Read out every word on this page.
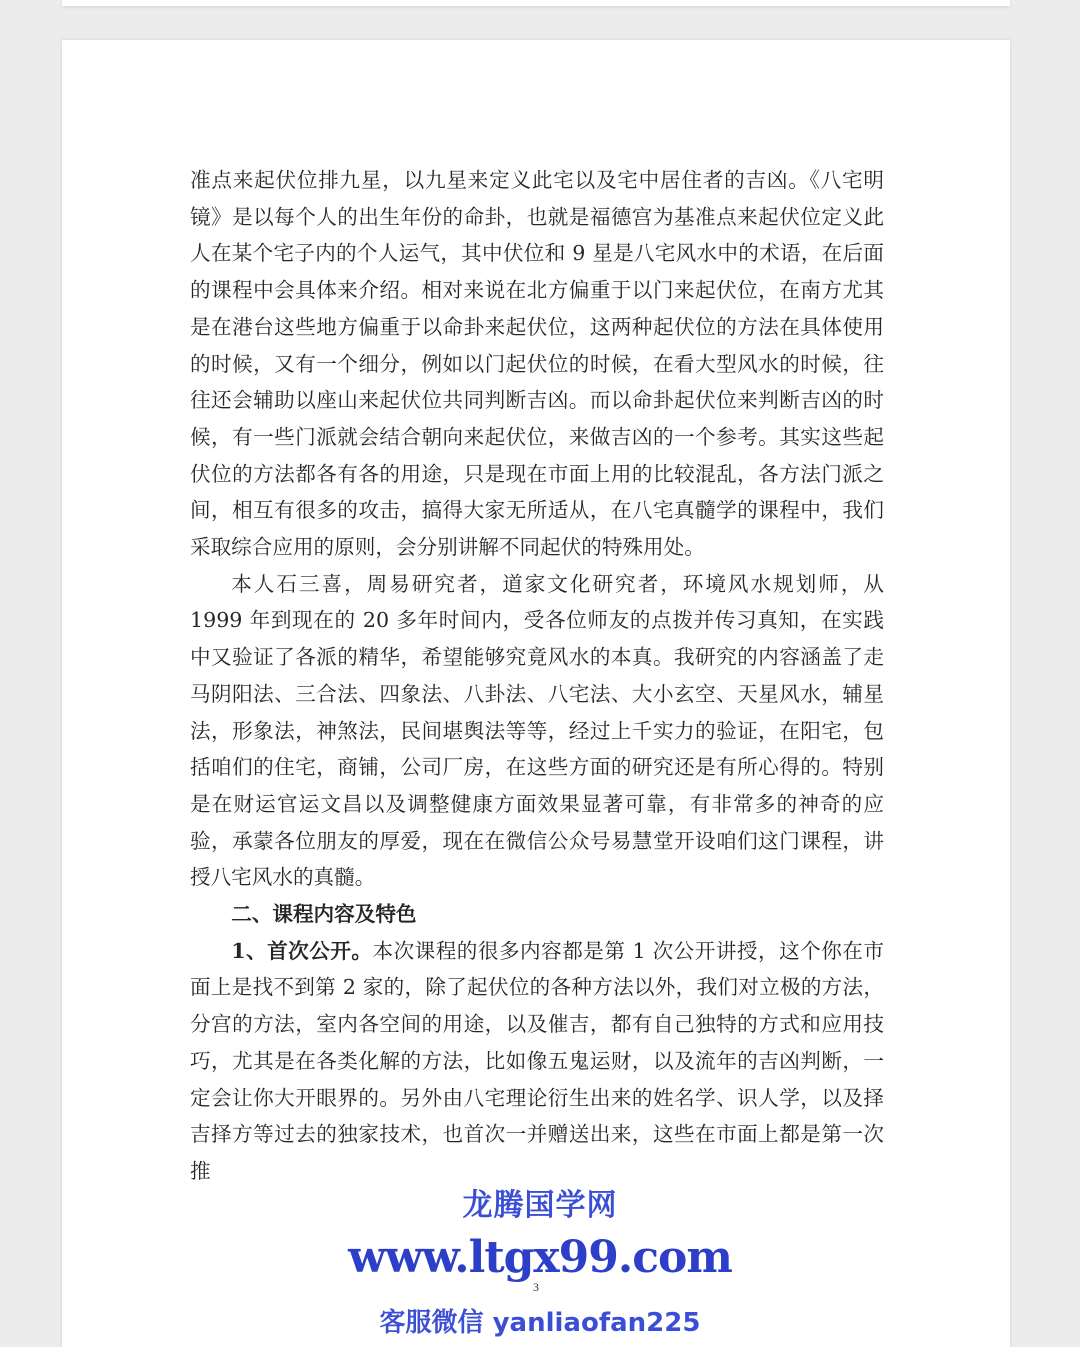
准点来起伏位排九星，以九星来定义此宅以及宅中居住者的吉凶。《八宅明镜》是以每个人的出生年份的命卦，也就是福德宫为基准点来起伏位定义此人在某个宅子内的个人运气，其中伏位和 9 星是八宅风水中的术语，在后面的课程中会具体来介绍。相对来说在北方偏重于以门来起伏位，在南方尤其是在港台这些地方偏重于以命卦来起伏位，这两种起伏位的方法在具体使用的时候，又有一个细分，例如以门起伏位的时候，在看大型风水的时候，往往还会辅助以座山来起伏位共同判断吉凶。而以命卦起伏位来判断吉凶的时候，有一些门派就会结合朝向来起伏位，来做吉凶的一个参考。其实这些起伏位的方法都各有各的用途，只是现在市面上用的比较混乱，各方法门派之间，相互有很多的攻击，搞得大家无所适从，在八宅真髓学的课程中，我们采取综合应用的原则，会分别讲解不同起伏的特殊用处。

本人石三喜，周易研究者，道家文化研究者，环境风水规划师，从 1999 年到现在的 20 多年时间内，受各位师友的点拨并传习真知，在实践中又验证了各派的精华，希望能够究竟风水的本真。我研究的内容涵盖了走马阴阳法、三合法、四象法、八卦法、八宅法、大小玄空、天星风水，辅星法，形象法，神煞法，民间堪舆法等等，经过上千实力的验证，在阳宅，包括咱们的住宅，商铺，公司厂房，在这些方面的研究还是有所心得的。特别是在财运官运文昌以及调整健康方面效果显著可靠，有非常多的神奇的应验，承蒙各位朋友的厚爱，现在在微信公众号易慧堂开设咱们这门课程，讲授八宅风水的真髓。

二、课程内容及特色

1、首次公开。本次课程的很多内容都是第 1 次公开讲授，这个你在市面上是找不到第 2 家的，除了起伏位的各种方法以外，我们对立极的方法，分宫的方法，室内各空间的用途，以及催吉，都有自己独特的方式和应用技巧，尤其是在各类化解的方法，比如像五鬼运财，以及流年的吉凶判断，一定会让你大开眼界的。另外由八宅理论衍生出来的姓名学、识人学，以及择吉择方等过去的独家技术，也首次一并赠送出来，这些在市面上都是第一次推

3
龙腾国学网
www.ltgx99.com
客服微信 yanliaofan225
